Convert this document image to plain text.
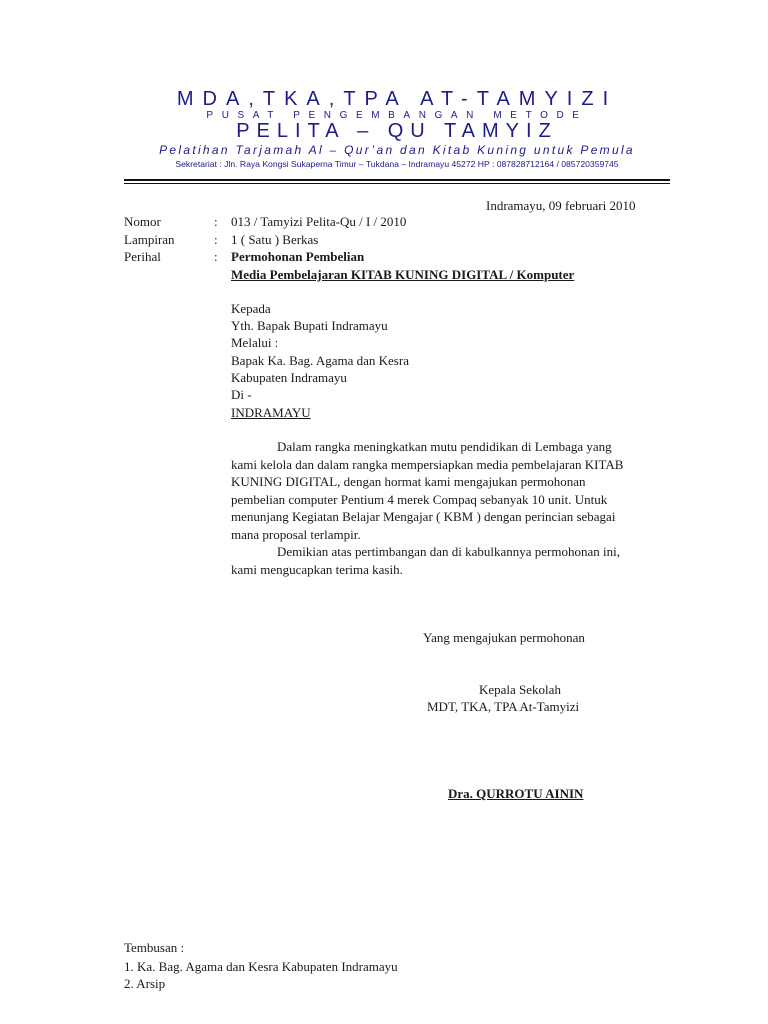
MDA,TKA,TPA AT-TAMYIZI
PUSAT PENGEMBANGAN METODE
PELITA – QU TAMYIZ
Pelatihan Tarjamah Al – Qur’an dan Kitab Kuning untuk Pemula
Sekretariat : Jln. Raya Kongsi Sukaperna Timur – Tukdana – Indramayu 45272 HP : 087828712164 / 085720359745
Indramayu, 09 februari 2010
Nomor	: 013 / Tamyizi Pelita-Qu / I / 2010
Lampiran	: 1 ( Satu ) Berkas
Perihal	: Permohonan Pembelian
Media Pembelajaran KITAB KUNING DIGITAL / Komputer
Kepada
Yth. Bapak Bupati Indramayu
Melalui :
Bapak Ka. Bag. Agama dan Kesra
Kabupaten Indramayu
Di -
INDRAMAYU
Dalam rangka meningkatkan mutu pendidikan di Lembaga yang
kami kelola dan dalam rangka mempersiapkan media pembelajaran KITAB
KUNING DIGITAL, dengan hormat kami mengajukan permohonan
pembelian computer Pentium 4 merek Compaq sebanyak 10 unit. Untuk
menunjang Kegiatan Belajar Mengajar ( KBM ) dengan perincian sebagai
mana proposal terlampir.
Demikian atas pertimbangan dan di kabulkannya permohonan ini,
kami mengucapkan terima kasih.
Yang mengajukan permohonan
Kepala Sekolah
MDT, TKA, TPA At-Tamyizi
Dra. QURROTU AININ
Tembusan :
1. Ka. Bag. Agama dan Kesra Kabupaten Indramayu
2. Arsip
